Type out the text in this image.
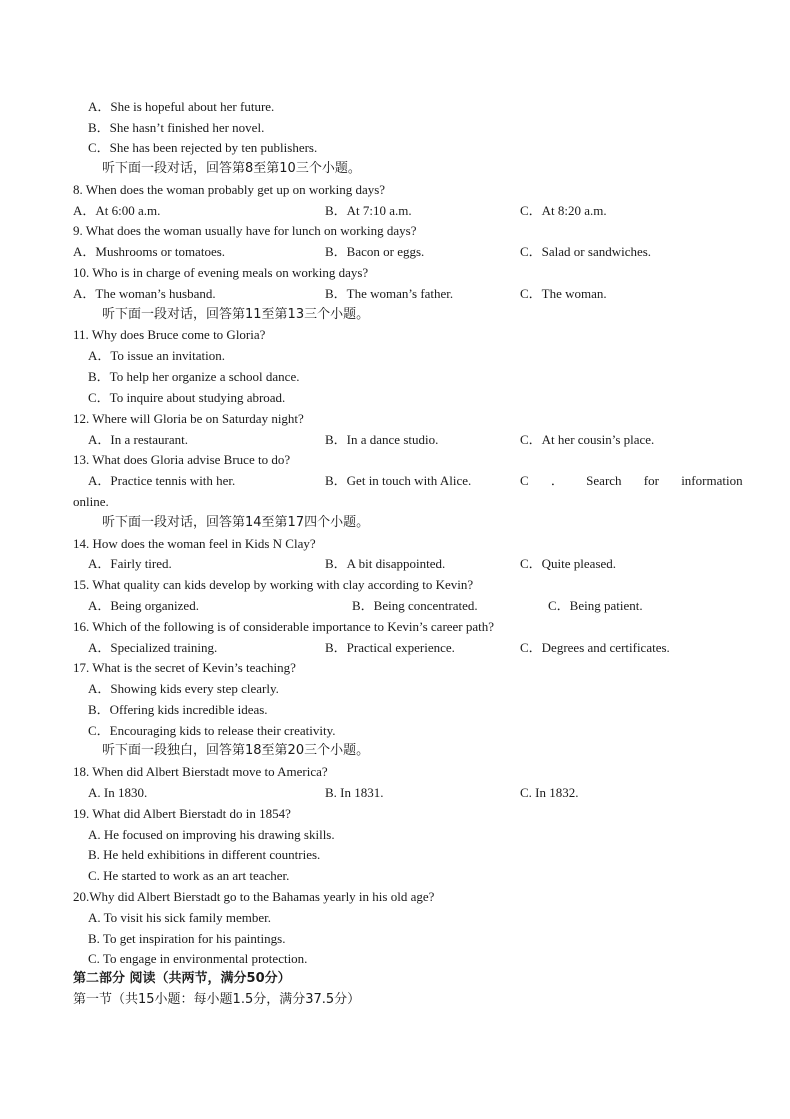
A．She is hopeful about her future.
B．She hasn’t finished her novel.
C．She has been rejected by ten publishers.
听下面一段对话，回答第8至第10三个小题。
8. When does the woman probably get up on working days?
A．At 6:00 a.m.	B．At 7:10 a.m.	C．At 8:20 a.m.
9. What does the woman usually have for lunch on working days?
A．Mushrooms or tomatoes.	B．Bacon or eggs.	C．Salad or sandwiches.
10. Who is in charge of evening meals on working days?
A．The woman’s husband.	B．The woman’s father.	C．The woman.
听下面一段对话，回答第11至第13三个小题。
11. Why does Bruce come to Gloria?
A．To issue an invitation.
B．To help her organize a school dance.
C．To inquire about studying abroad.
12. Where will Gloria be on Saturday night?
A．In a restaurant.	B．In a dance studio.	C．At her cousin’s place.
13. What does Gloria advise Bruce to do?
A．Practice tennis with her.	B．Get in touch with Alice.	C ． Search for information
online.
听下面一段对话，回答第14至第17四个小题。
14. How does the woman feel in Kids N Clay?
A．Fairly tired.	B．A bit disappointed.	C．Quite pleased.
15. What quality can kids develop by working with clay according to Kevin?
A．Being organized.	B．Being concentrated.	C．Being patient.
16. Which of the following is of considerable importance to Kevin’s career path?
A．Specialized training.	B．Practical experience.	C．Degrees and certificates.
17. What is the secret of Kevin’s teaching?
A．Showing kids every step clearly.
B．Offering kids incredible ideas.
C．Encouraging kids to release their creativity.
听下面一段独白，回答第18至第20三个小题。
18. When did Albert Bierstadt move to America?
A. In 1830.	B. In 1831.	C. In 1832.
19. What did Albert Bierstadt do in 1854?
A. He focused on improving his drawing skills.
B. He held exhibitions in different countries.
C. He started to work as an art teacher.
20.Why did Albert Bierstadt go to the Bahamas yearly in his old age?
A. To visit his sick family member.
B. To get inspiration for his paintings.
C. To engage in environmental protection.
第二部分 阅读（共两节，满分50分）
第一节（共15小题：每小题1.5分，满分37.5分）
